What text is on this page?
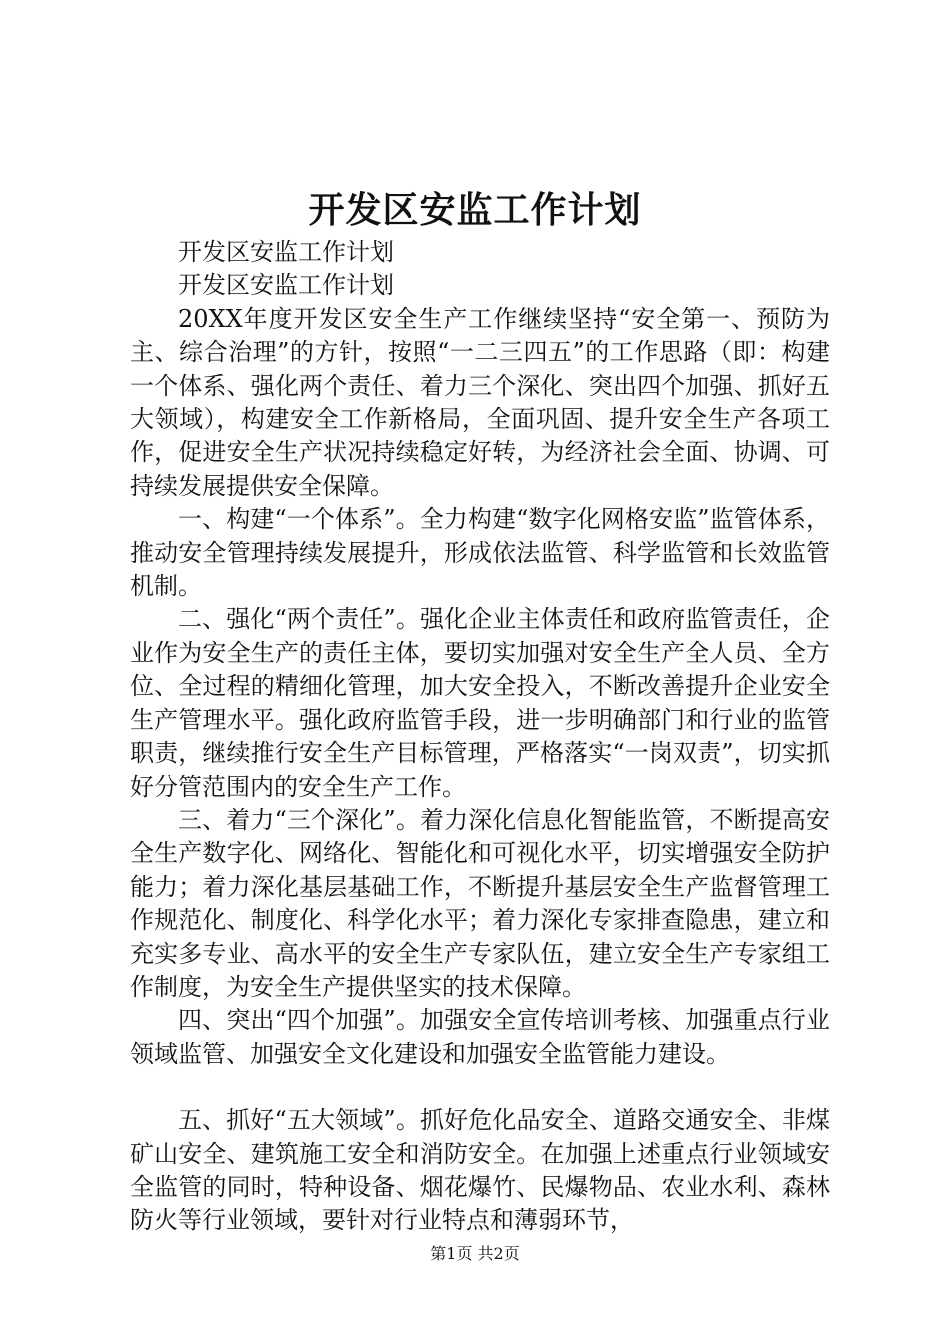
开发区安监工作计划

开发区安监工作计划

开发区安监工作计划

20XX年度开发区安全生产工作继续坚持“安全第一、预防为主、综合治理”的方针，按照“一二三四五”的工作思路（即：构建一个体系、强化两个责任、着力三个深化、突出四个加强、抓好五大领域），构建安全工作新格局，全面巩固、提升安全生产各项工作，促进安全生产状况持续稳定好转，为经济社会全面、协调、可持续发展提供安全保障。

一、构建“一个体系”。全力构建“数字化网格安监”监管体系，推动安全管理持续发展提升，形成依法监管、科学监管和长效监管机制。

二、强化“两个责任”。强化企业主体责任和政府监管责任，企业作为安全生产的责任主体，要切实加强对安全生产全人员、全方位、全过程的精细化管理，加大安全投入，不断改善提升企业安全生产管理水平。强化政府监管手段，进一步明确部门和行业的监管职责，继续推行安全生产目标管理，严格落实“一岗双责”，切实抓好分管范围内的安全生产工作。

三、着力“三个深化”。着力深化信息化智能监管，不断提高安全生产数字化、网络化、智能化和可视化水平，切实增强安全防护能力；着力深化基层基础工作，不断提升基层安全生产监督管理工作规范化、制度化、科学化水平；着力深化专家排查隐患，建立和充实多专业、高水平的安全生产专家队伍，建立安全生产专家组工作制度，为安全生产提供坚实的技术保障。

四、突出“四个加强”。加强安全宣传培训考核、加强重点行业领域监管、加强安全文化建设和加强安全监管能力建设。

五、抓好“五大领域”。抓好危化品安全、道路交通安全、非煤矿山安全、建筑施工安全和消防安全。在加强上述重点行业领域安全监管的同时，特种设备、烟花爆竹、民爆物品、农业水利、森林防火等行业领域，要针对行业特点和薄弱环节，

第1页 共2页
